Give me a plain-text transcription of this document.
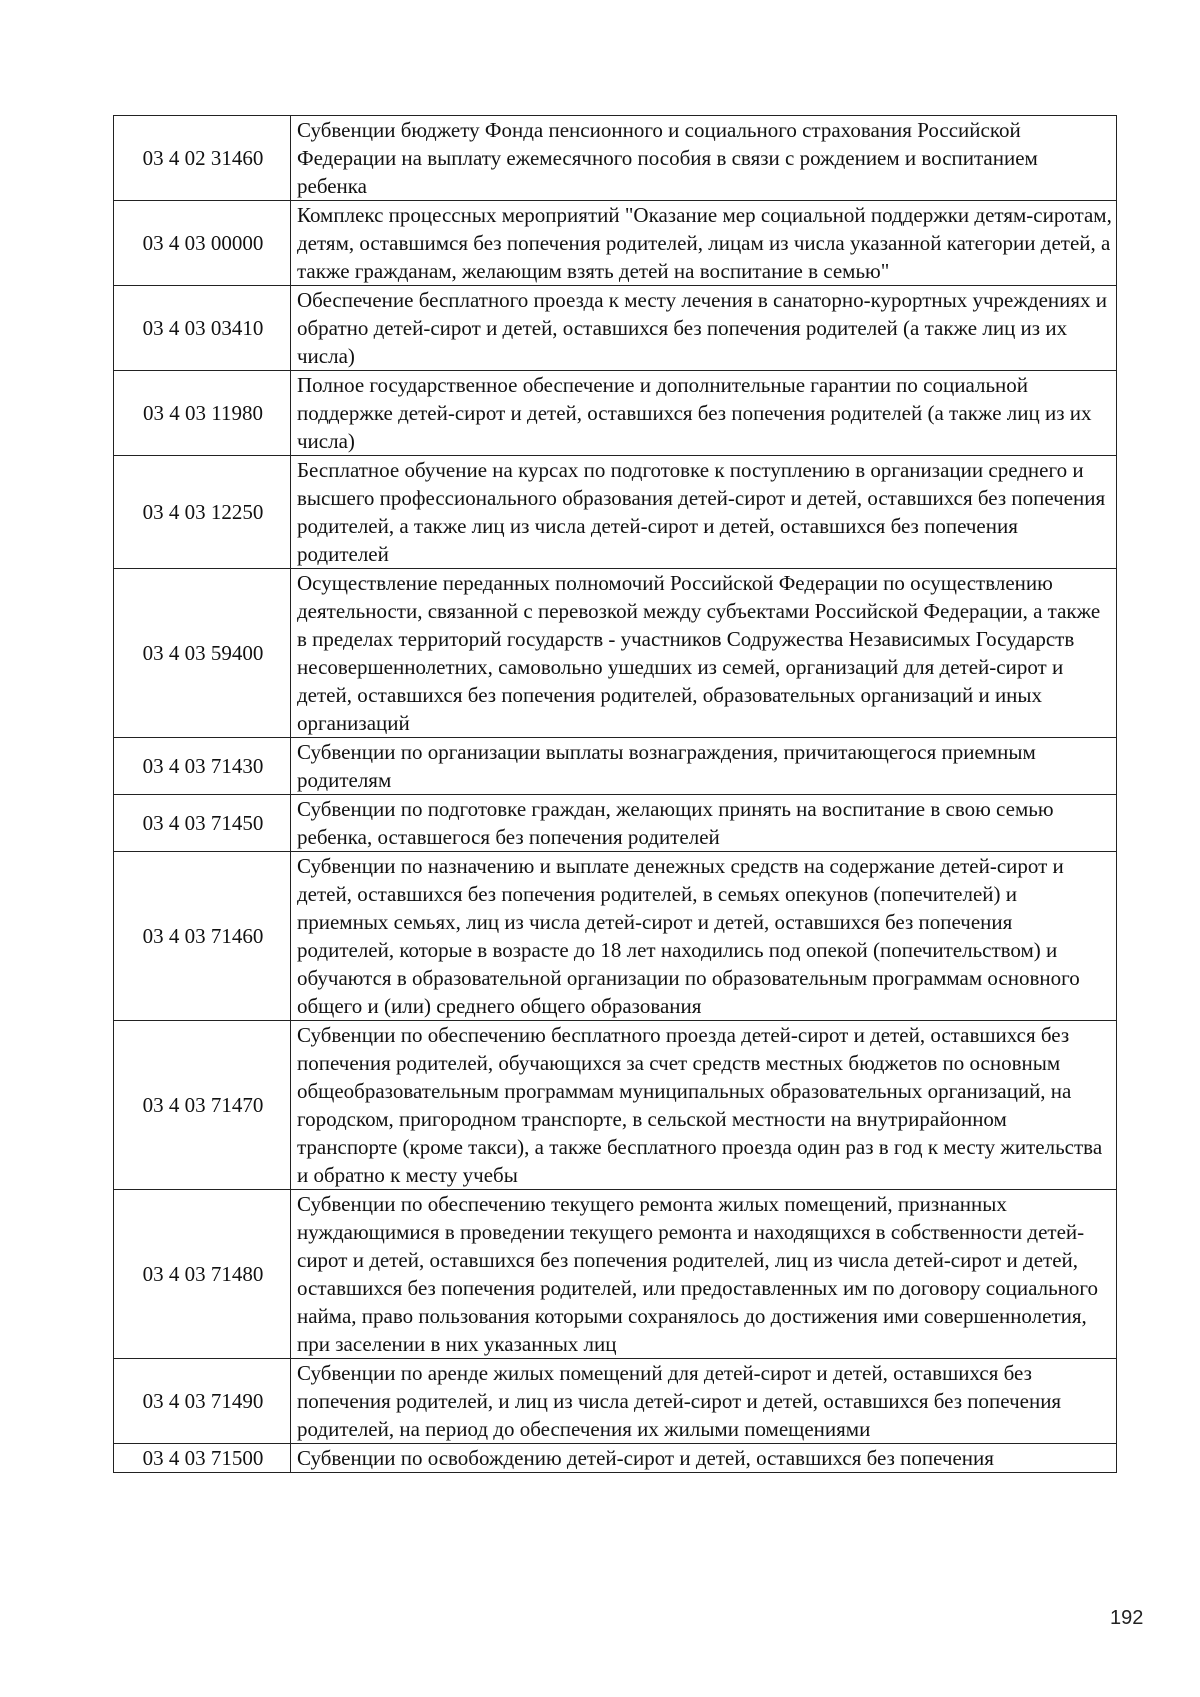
03 4 02 31460	Субвенции бюджету Фонда пенсионного и социального страхования Российской Федерации на выплату ежемесячного пособия в связи с рождением и воспитанием ребенка
03 4 03 00000	Комплекс процессных мероприятий "Оказание мер социальной поддержки детям-сиротам, детям, оставшимся без попечения родителей, лицам из числа указанной категории детей, а также гражданам, желающим взять детей на воспитание в семью"
03 4 03 03410	Обеспечение бесплатного проезда к месту лечения в санаторно-курортных учреждениях и обратно детей-сирот и детей, оставшихся без попечения родителей (а также лиц из их числа)
03 4 03 11980	Полное государственное обеспечение и дополнительные гарантии по социальной поддержке детей-сирот и детей, оставшихся без попечения родителей (а также лиц из их числа)
03 4 03 12250	Бесплатное обучение на курсах по подготовке к поступлению в организации среднего и высшего профессионального образования детей-сирот и детей, оставшихся без попечения родителей, а также лиц из числа детей-сирот и детей, оставшихся без попечения родителей
03 4 03 59400	Осуществление переданных полномочий Российской Федерации по осуществлению деятельности, связанной с перевозкой между субъектами Российской Федерации, а также в пределах территорий государств - участников Содружества Независимых Государств несовершеннолетних, самовольно ушедших из семей, организаций для детей-сирот и детей, оставшихся без попечения родителей, образовательных организаций и иных организаций
03 4 03 71430	Субвенции по организации выплаты вознаграждения, причитающегося приемным родителям
03 4 03 71450	Субвенции по подготовке граждан, желающих принять на воспитание в свою семью ребенка, оставшегося без попечения родителей
03 4 03 71460	Субвенции по назначению и выплате денежных средств на содержание детей-сирот и детей, оставшихся без попечения родителей, в семьях опекунов (попечителей) и приемных семьях, лиц из числа детей-сирот и детей, оставшихся без попечения родителей, которые в возрасте до 18 лет находились под опекой (попечительством) и обучаются в образовательной организации по образовательным программам основного общего и (или) среднего общего образования
03 4 03 71470	Субвенции по обеспечению бесплатного проезда детей-сирот и детей, оставшихся без попечения родителей, обучающихся за счет средств местных бюджетов по основным общеобразовательным программам муниципальных образовательных организаций, на городском, пригородном транспорте, в сельской местности на внутрирайонном транспорте (кроме такси), а также бесплатного проезда один раз в год к месту жительства и обратно к месту учебы
03 4 03 71480	Субвенции по обеспечению текущего ремонта жилых помещений, признанных нуждающимися в проведении текущего ремонта и находящихся в собственности детей-сирот и детей, оставшихся без попечения родителей, лиц из числа детей-сирот и детей, оставшихся без попечения родителей, или предоставленных им по договору социального найма, право пользования которыми сохранялось до достижения ими совершеннолетия, при заселении в них указанных лиц
03 4 03 71490	Субвенции по аренде жилых помещений для детей-сирот и детей, оставшихся без попечения родителей, и лиц из числа детей-сирот и детей, оставшихся без попечения родителей, на период до обеспечения их жилыми помещениями
03 4 03 71500	Субвенции по освобождению детей-сирот и детей, оставшихся без попечения
192
